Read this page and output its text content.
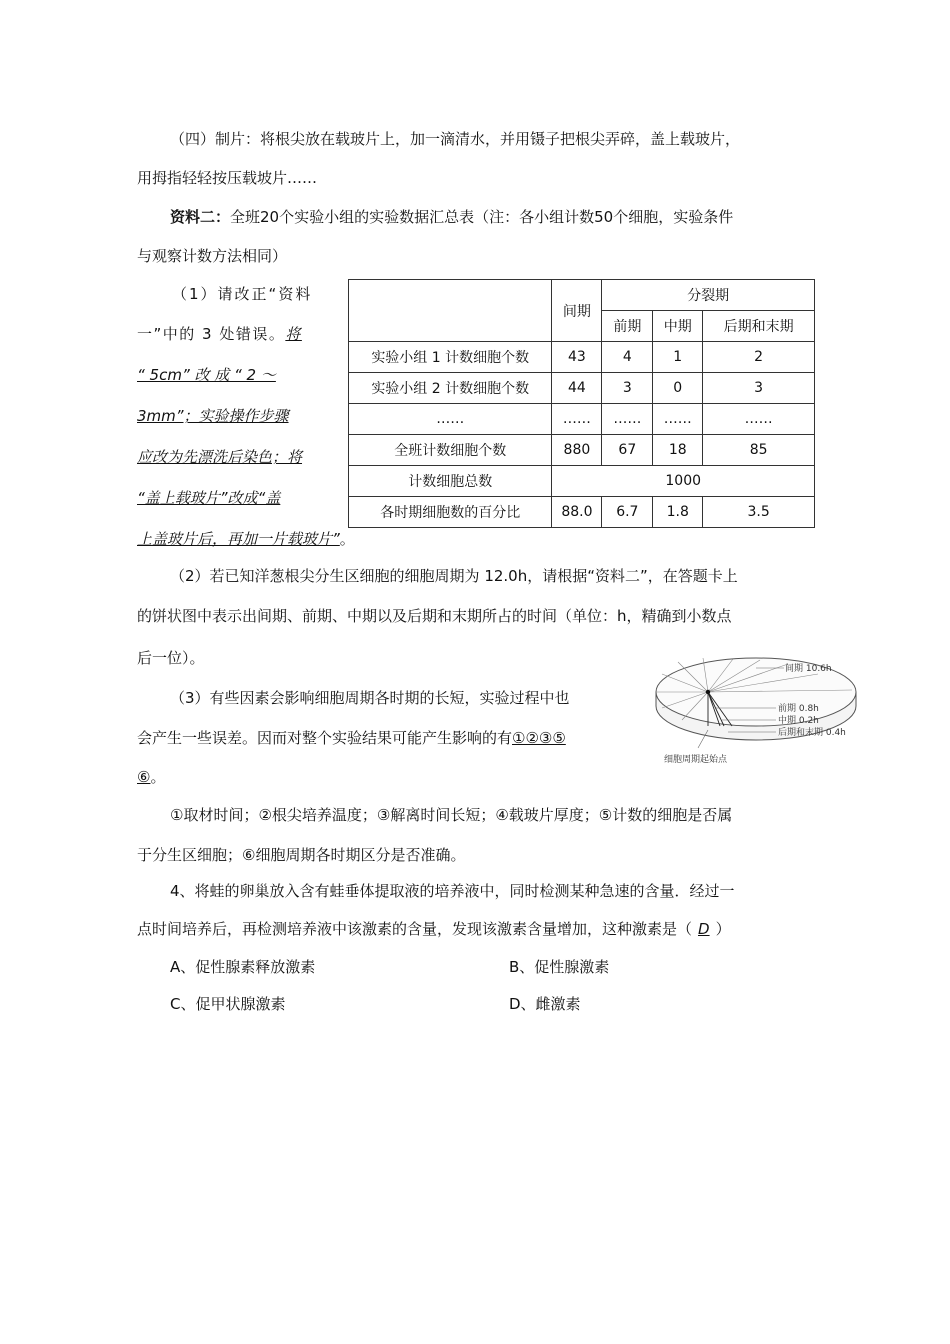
（四）制片：将根尖放在载玻片上，加一滴清水，并用镊子把根尖弄碎，盖上载玻片，
用拇指轻轻按压载坡片……
资料二：全班20个实验小组的实验数据汇总表（注：各小组计数50个细胞，实验条件
与观察计数方法相同）
（1）请改正“资料
一”中的 3 处错误。将
“ 5cm” 改 成 “ 2 ～
3mm”；实验操作步骤
应改为先漂洗后染色；将
“盖上载玻片”改成“盖
上盖玻片后，再加一片载玻片”。
	间期	分裂期		
		前期	中期	后期和末期
实验小组 1 计数细胞个数	43	4	1	2
实验小组 2 计数细胞个数	44	3	0	3
……	……	……	……	……
全班计数细胞个数	880	67	18	85
计数细胞总数	1000			
各时期细胞数的百分比	88.0	6.7	1.8	3.5
（2）若已知洋葱根尖分生区细胞的细胞周期为 12.0h，请根据“资料二”，在答题卡上
的饼状图中表示出间期、前期、中期以及后期和末期所占的时间（单位：h，精确到小数点
后一位）。
间期 10.6h
前期 0.8h
中期 0.2h
后期和末期 0.4h
细胞周期起始点
（3）有些因素会影响细胞周期各时期的长短，实验过程中也
会产生一些误差。因而对整个实验结果可能产生影响的有①②③⑤
⑥。
①取材时间；②根尖培养温度；③解离时间长短；④载玻片厚度；⑤计数的细胞是否属
于分生区细胞；⑥细胞周期各时期区分是否准确。
4、将蛙的卵巢放入含有蛙垂体提取液的培养液中，同时检测某种急速的含量．经过一
点时间培养后，再检测培养液中该激素的含量，发现该激素含量增加，这种激素是（ D ）
A、促性腺素释放激素	B、促性腺激素
C、促甲状腺激素	D、雌激素
